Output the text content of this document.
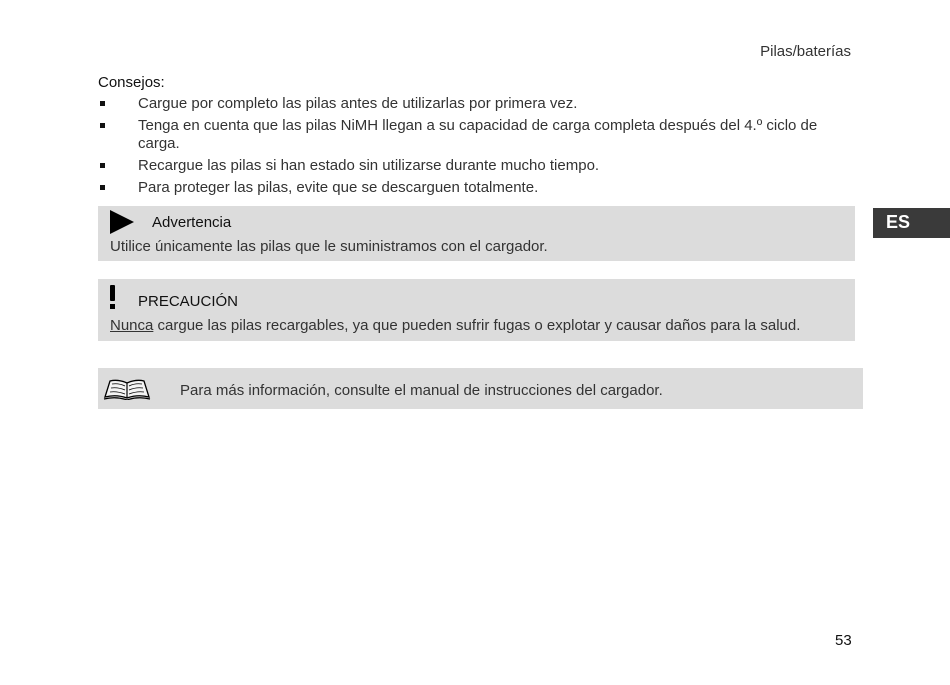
Pilas/baterías
Consejos:
Cargue por completo las pilas antes de utilizarlas por primera vez.
Tenga en cuenta que las pilas NiMH llegan a su capacidad de carga completa después del 4.º ciclo de carga.
Recargue las pilas si han estado sin utilizarse durante mucho tiempo.
Para proteger las pilas, evite que se descarguen totalmente.
Advertencia
Utilice únicamente las pilas que le suministramos con el cargador.
PRECAUCIÓN
Nunca cargue las pilas recargables, ya que pueden sufrir fugas o explotar y causar daños para la salud.
Para más información, consulte el manual de instrucciones del cargador.
ES
53
